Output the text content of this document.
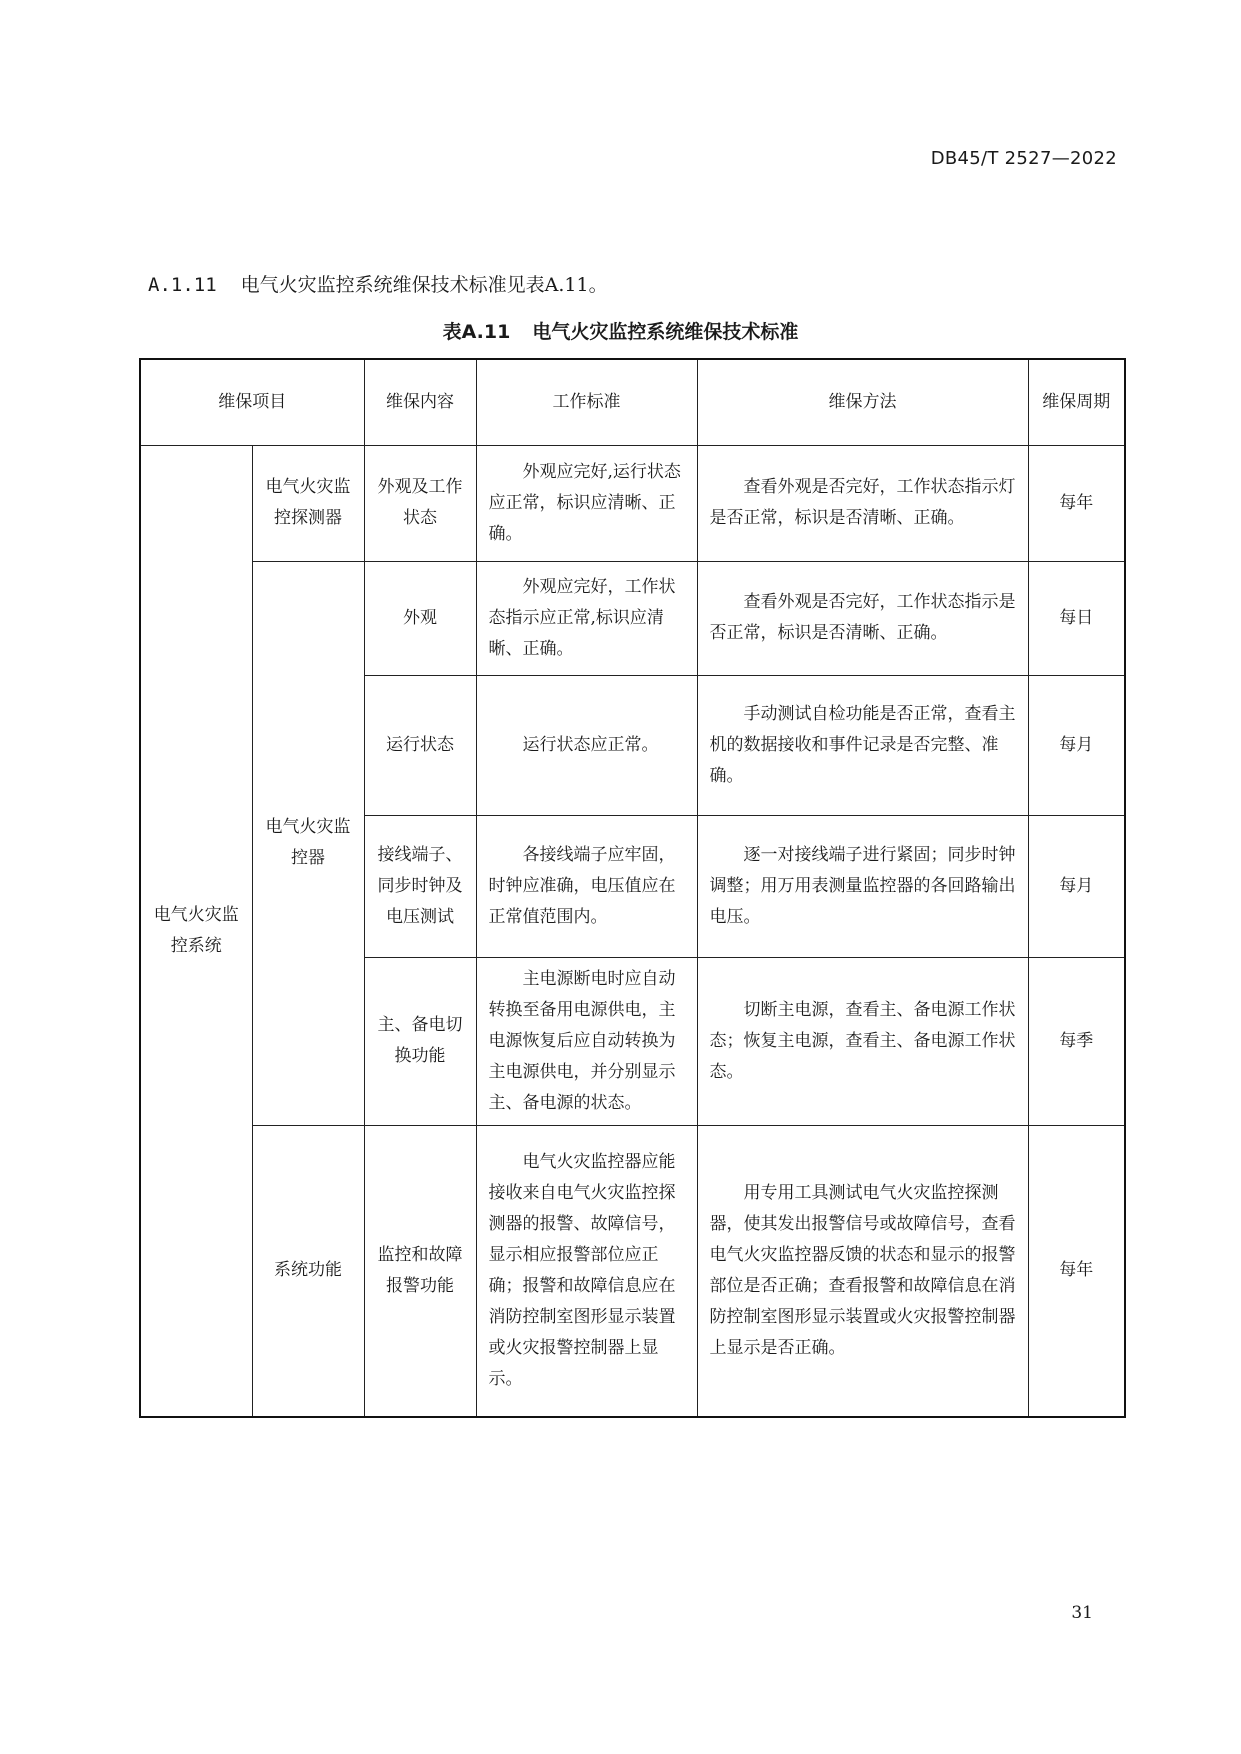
DB45/T 2527—2022
A.1.11 电气火灾监控系统维保技术标准见表A.11。
表A.11 电气火灾监控系统维保技术标准
维保项目		维保内容	工作标准	维保方法	维保周期
电气火灾监控系统	电气火灾监控探测器	外观及工作状态	外观应完好,运行状态应正常，标识应清晰、正确。	查看外观是否完好，工作状态指示灯是否正常，标识是否清晰、正确。	每年
	电气火灾监控器	外观	外观应完好，工作状态指示应正常,标识应清晰、正确。	查看外观是否完好，工作状态指示是否正常，标识是否清晰、正确。	每日
		运行状态	运行状态应正常。	手动测试自检功能是否正常，查看主机的数据接收和事件记录是否完整、准确。	每月
		接线端子、同步时钟及电压测试	各接线端子应牢固，时钟应准确，电压值应在正常值范围内。	逐一对接线端子进行紧固；同步时钟调整；用万用表测量监控器的各回路输出电压。	每月
		主、备电切换功能	主电源断电时应自动转换至备用电源供电，主电源恢复后应自动转换为主电源供电，并分别显示主、备电源的状态。	切断主电源，查看主、备电源工作状态；恢复主电源，查看主、备电源工作状态。	每季
	系统功能	监控和故障报警功能	电气火灾监控器应能接收来自电气火灾监控探测器的报警、故障信号，显示相应报警部位应正确；报警和故障信息应在消防控制室图形显示装置或火灾报警控制器上显示。	用专用工具测试电气火灾监控探测器，使其发出报警信号或故障信号，查看电气火灾监控器反馈的状态和显示的报警部位是否正确；查看报警和故障信息在消防控制室图形显示装置或火灾报警控制器上显示是否正确。	每年
31
